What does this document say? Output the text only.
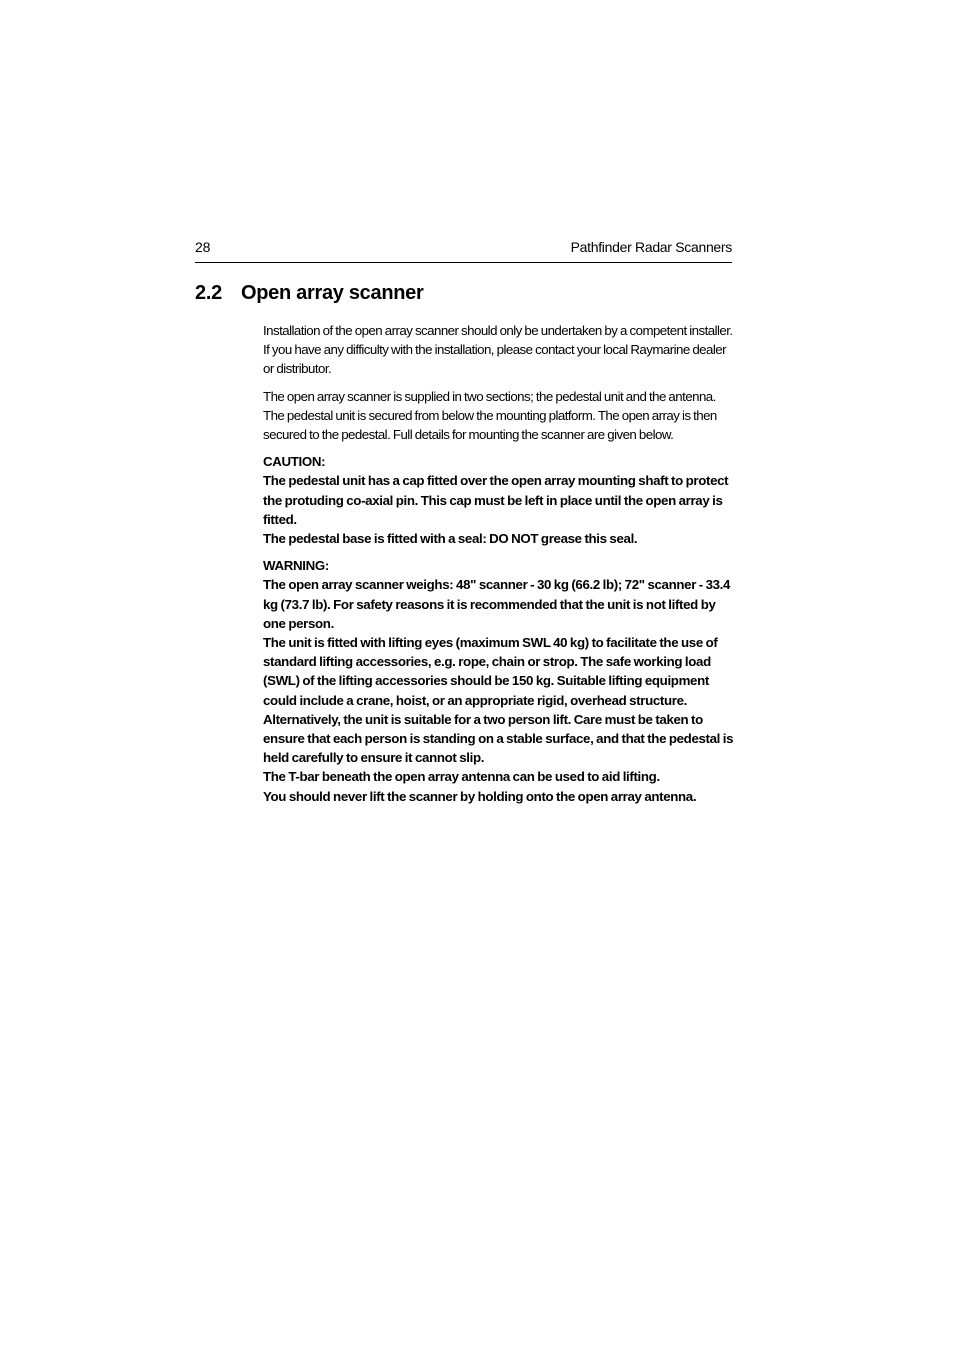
28	Pathfinder Radar Scanners
2.2 Open array scanner

Installation of the open array scanner should only be undertaken by a competent installer. If you have any difficulty with the installation, please contact your local Raymarine dealer or distributor.

The open array scanner is supplied in two sections; the pedestal unit and the antenna. The pedestal unit is secured from below the mounting platform. The open array is then secured to the pedestal. Full details for mounting the scanner are given below.

CAUTION:
The pedestal unit has a cap fitted over the open array mounting shaft to protect the protuding co-axial pin. This cap must be left in place until the open array is fitted.
The pedestal base is fitted with a seal: DO NOT grease this seal.
WARNING:
The open array scanner weighs: 48" scanner - 30 kg (66.2 lb); 72" scanner - 33.4 kg (73.7 lb). For safety reasons it is recommended that the unit is not lifted by one person.
The unit is fitted with lifting eyes (maximum SWL 40 kg) to facilitate the use of standard lifting accessories, e.g. rope, chain or strop. The safe working load (SWL) of the lifting accessories should be 150 kg. Suitable lifting equipment could include a crane, hoist, or an appropriate rigid, overhead structure.
Alternatively, the unit is suitable for a two person lift. Care must be taken to ensure that each person is standing on a stable surface, and that the pedestal is held carefully to ensure it cannot slip.
The T-bar beneath the open array antenna can be used to aid lifting.
You should never lift the scanner by holding onto the open array antenna.
